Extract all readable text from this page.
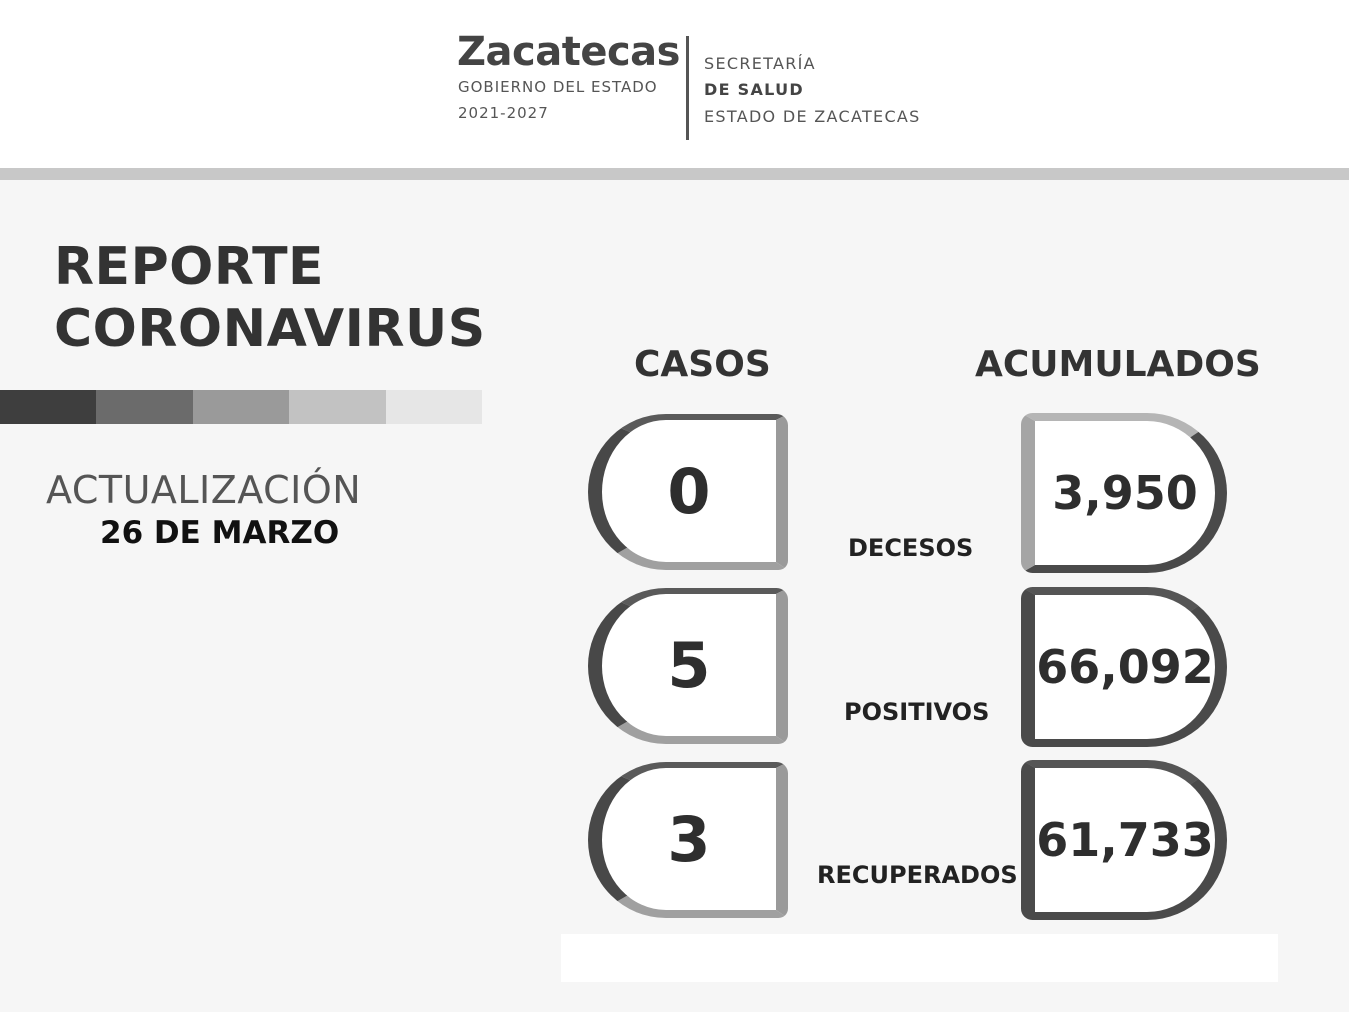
Zacatecas
GOBIERNO DEL ESTADO
2021-2027
SECRETARÍA
DE SALUD
ESTADO DE ZACATECAS
REPORTE
CORONAVIRUS
ACTUALIZACIÓN
26 DE MARZO
CASOS	ACUMULADOS
0
DECESOS
3,950
5
POSITIVOS
66,092
3	RECUPERADOS
61,733
